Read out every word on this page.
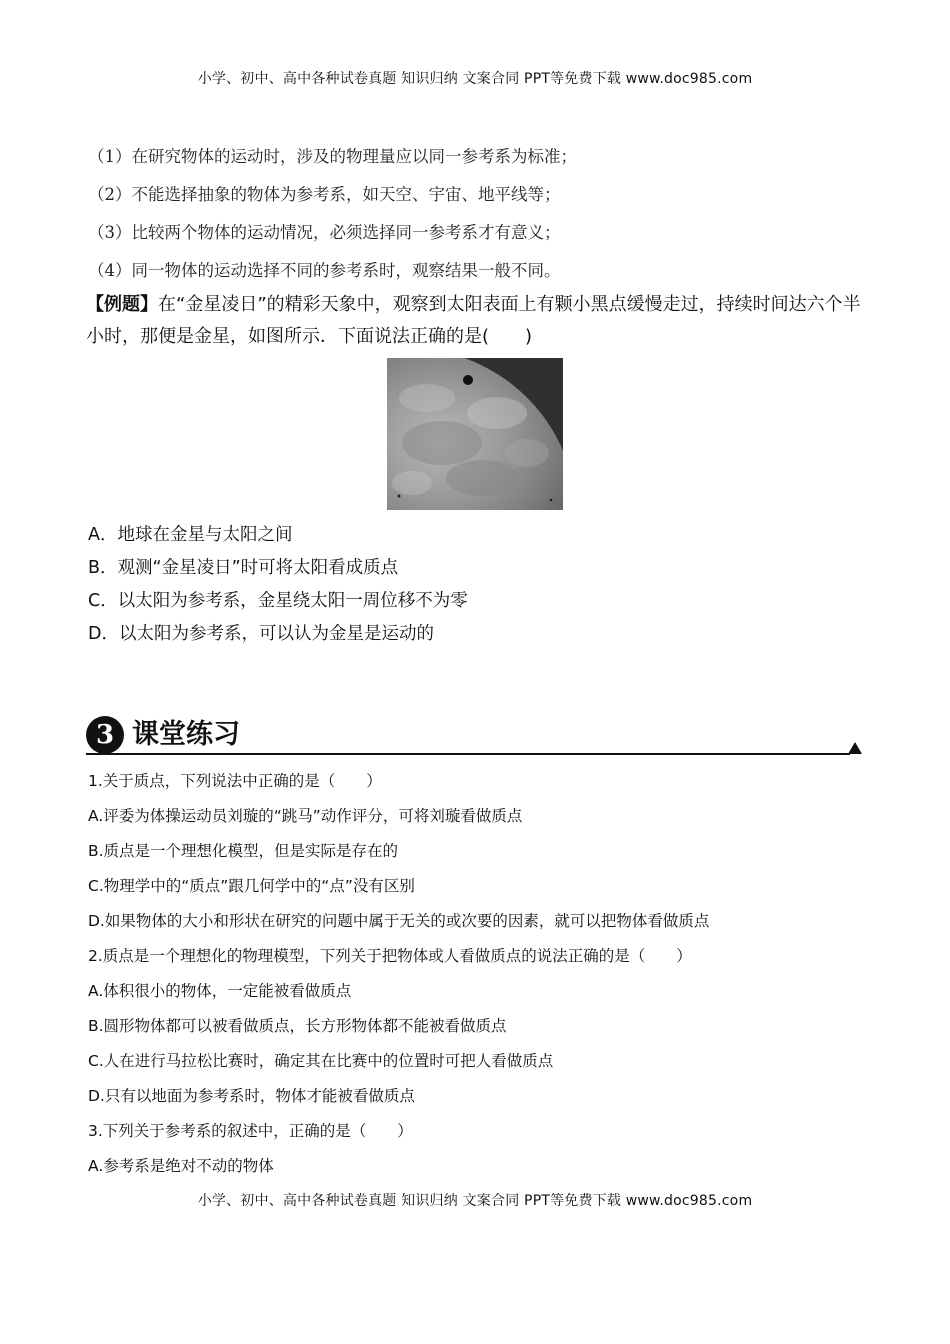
小学、初中、高中各种试卷真题 知识归纳 文案合同 PPT等免费下载 www.doc985.com
（1）在研究物体的运动时，涉及的物理量应以同一参考系为标准；
（2）不能选择抽象的物体为参考系，如天空、宇宙、地平线等；
（3）比较两个物体的运动情况，必须选择同一参考系才有意义；
（4）同一物体的运动选择不同的参考系时，观察结果一般不同。
【例题】在“金星凌日”的精彩天象中，观察到太阳表面上有颗小黑点缓慢走过，持续时间达六个半小时，那便是金星，如图所示．下面说法正确的是(　　)
A．地球在金星与太阳之间
B．观测“金星凌日”时可将太阳看成质点
C．以太阳为参考系，金星绕太阳一周位移不为零
D．以太阳为参考系，可以认为金星是运动的
3 课堂练习
1.关于质点，下列说法中正确的是（　　）
A.评委为体操运动员刘璇的“跳马”动作评分，可将刘璇看做质点
B.质点是一个理想化模型，但是实际是存在的
C.物理学中的“质点”跟几何学中的“点”没有区别
D.如果物体的大小和形状在研究的问题中属于无关的或次要的因素，就可以把物体看做质点
2.质点是一个理想化的物理模型，下列关于把物体或人看做质点的说法正确的是（　　）
A.体积很小的物体，一定能被看做质点
B.圆形物体都可以被看做质点，长方形物体都不能被看做质点
C.人在进行马拉松比赛时，确定其在比赛中的位置时可把人看做质点
D.只有以地面为参考系时，物体才能被看做质点
3.下列关于参考系的叙述中，正确的是（　　）
A.参考系是绝对不动的物体
小学、初中、高中各种试卷真题 知识归纳 文案合同 PPT等免费下载 www.doc985.com
